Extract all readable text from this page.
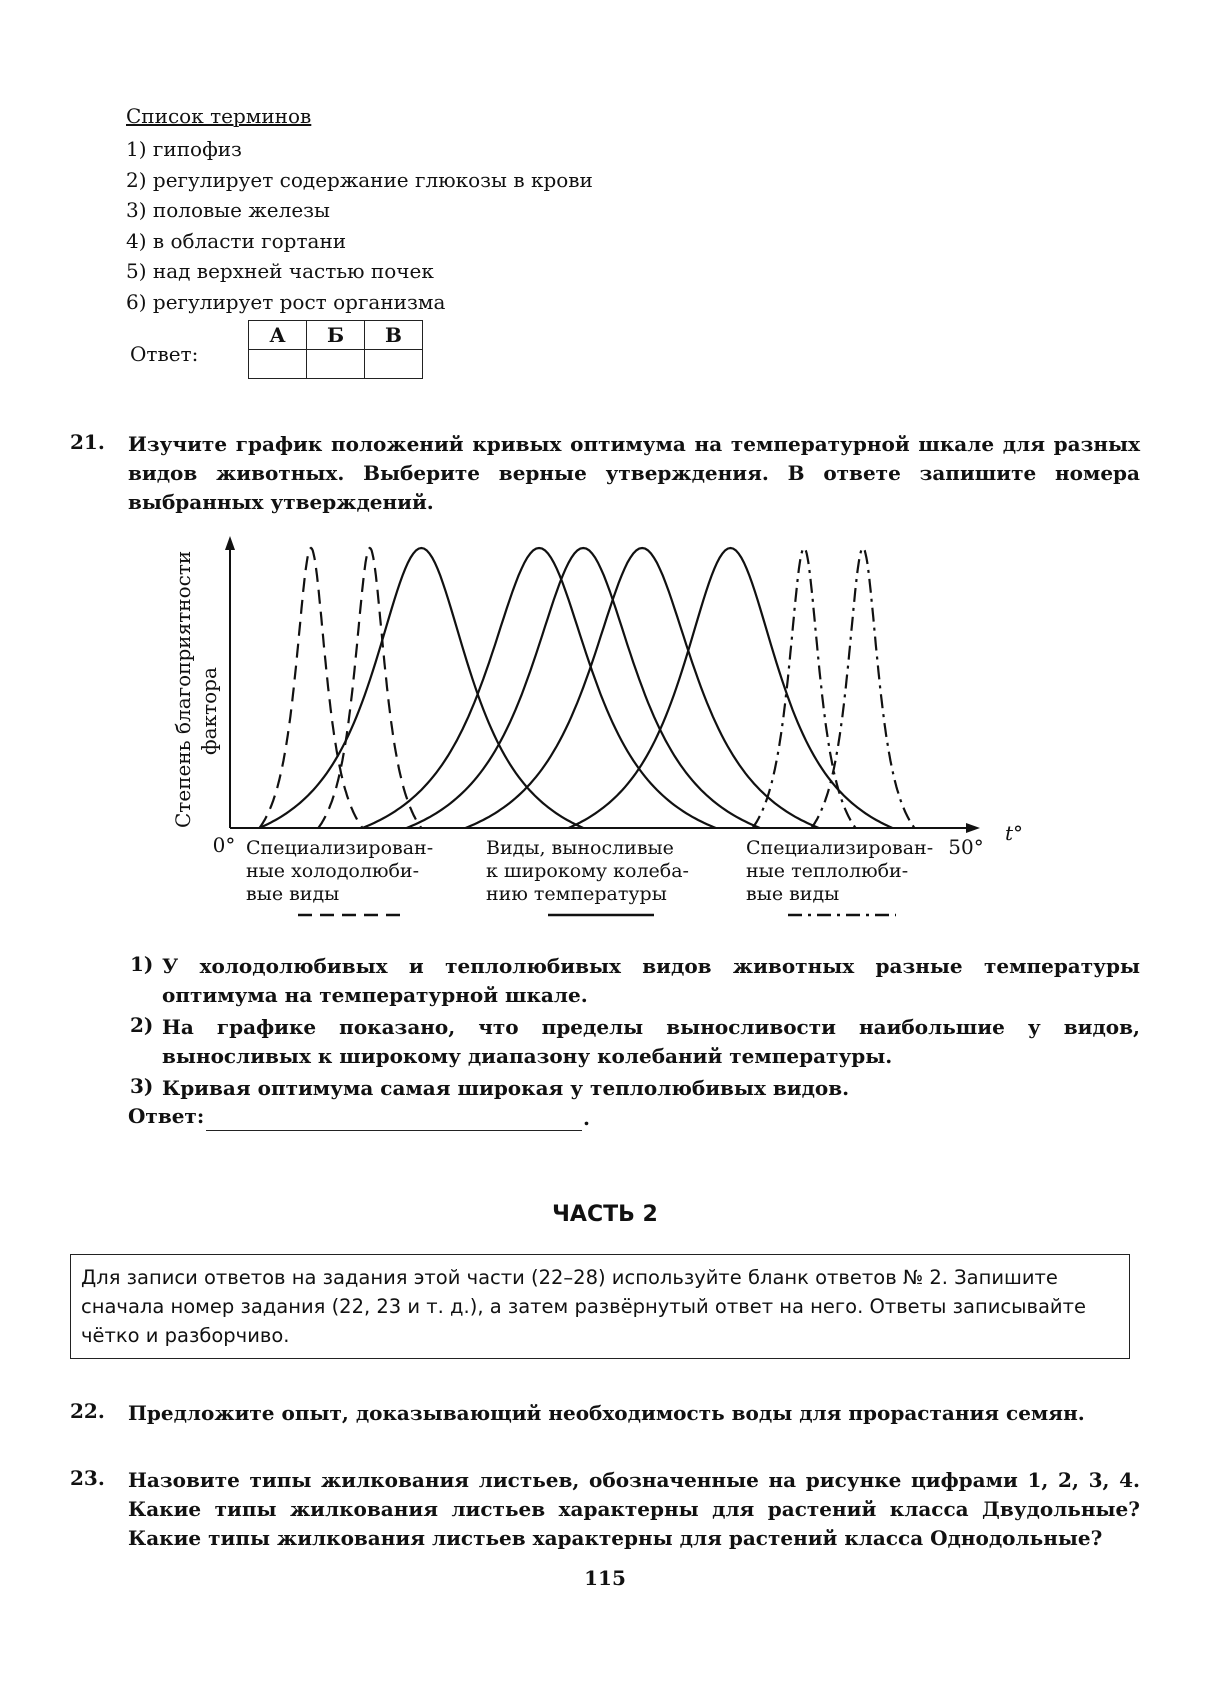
Список терминов
1) гипофиз
2) регулирует содержание глюкозы в крови
3) половые железы
4) в области гортани
5) над верхней частью почек
6) регулирует рост организма
Ответ:
А	Б	В

21. Изучите график положений кривых оптимума на температурной шкале для разных видов животных. Выберите верные утверждения. В ответе запишите номера выбранных утверждений.
Степень благоприятности фактора
0°	50°
t°
Специализирован-
ные холодолюби-
вые виды
Виды, выносливые
к широкому колеба-
нию температуры
Специализирован-
ные теплолюби-
вые виды
1) У холодолюбивых и теплолюбивых видов животных разные температуры оптимума на температурной шкале.
2) На графике показано, что пределы выносливости наибольшие у видов, выносливых к широкому диапазону колебаний температуры.
3) Кривая оптимума самая широкая у теплолюбивых видов.
Ответ:	.
ЧАСТЬ 2
Для записи ответов на задания этой части (22–28) используйте бланк ответов № 2. Запишите сначала номер задания (22, 23 и т. д.), а затем развёрнутый ответ на него. Ответы записывайте чётко и разборчиво.
22. Предложите опыт, доказывающий необходимость воды для прорастания семян.
23. Назовите типы жилкования листьев, обозначенные на рисунке цифрами 1, 2, 3, 4. Какие типы жилкования листьев характерны для растений класса Двудольные? Какие типы жилкования листьев характерны для растений класса Однодольные?
115
